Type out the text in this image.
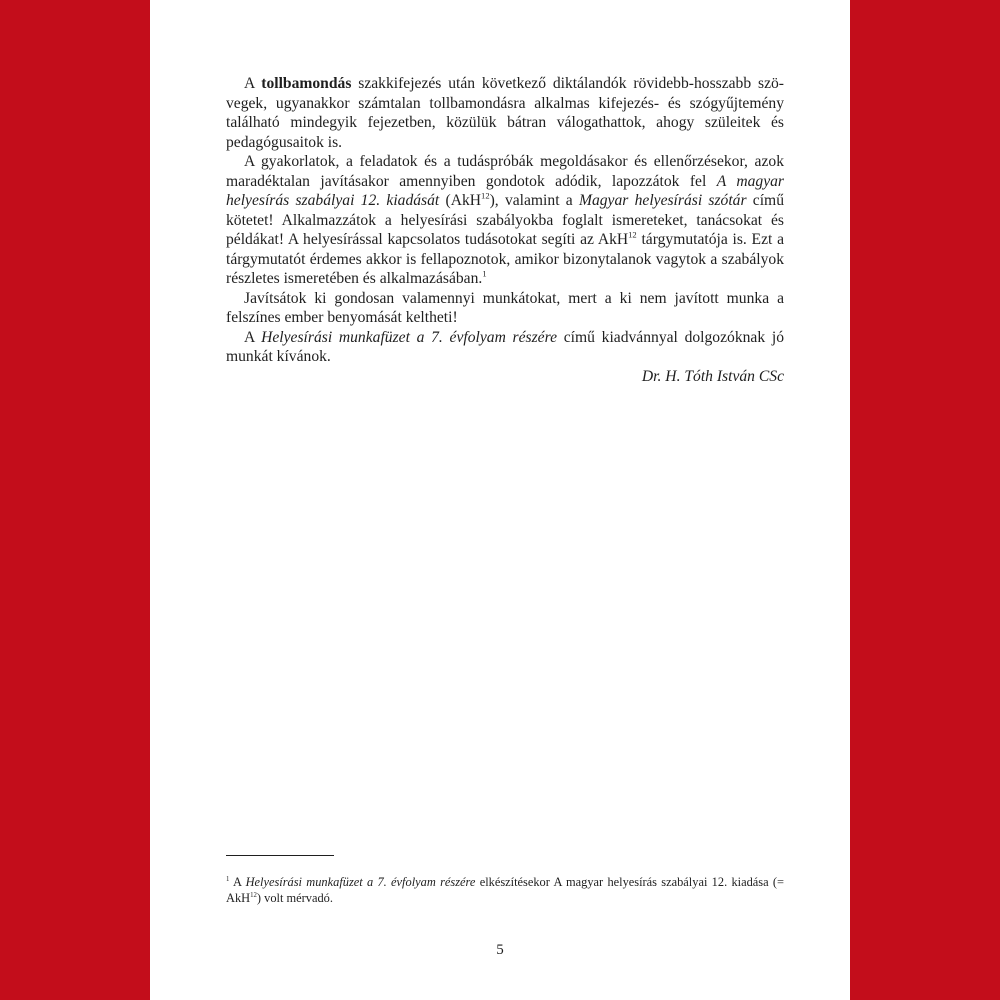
A tollbamondás szakkifejezés után következő diktálandók rövidebb-hosszabb szövegek, ugyanakkor számtalan tollbamondásra alkalmas kifejezés- és szógyűjtemény található mindegyik fejezetben, közülük bátran válogathattok, ahogy szüleitek és pedagógusaitok is.

A gyakorlatok, a feladatok és a tudáspróbák megoldásakor és ellenőrzésekor, azok maradéktalan javításakor amennyiben gondotok adódik, lapozzátok fel A magyar helyesírás szabályai 12. kiadását (AkH$^{12}$), valamint a Magyar helyesírási szótár című kötetet! Alkalmazzátok a helyesírási szabályokba foglalt ismereteket, tanácsokat és példákat! A helyesírással kapcsolatos tudásotokat segíti az AkH$^{12}$ tárgymutatója is. Ezt a tárgymutatót érdemes akkor is fellapoznotok, amikor bizonytalanok vagytok a szabályok részletes ismeretében és alkalmazásában.$^1$

Javítsátok ki gondosan valamennyi munkátokat, mert a ki nem javított munka a felszínes ember benyomását keltheti!

A Helyesírási munkafüzet a 7. évfolyam részére című kiadvánnyal dolgozóknak jó munkát kívánok.

Dr. H. Tóth István CSc

$^1$ A Helyesírási munkafüzet a 7. évfolyam részére elkészítésekor A magyar helyesírás szabályai 12. kiadása (= AkH$^{12}$) volt mérvadó.
5
